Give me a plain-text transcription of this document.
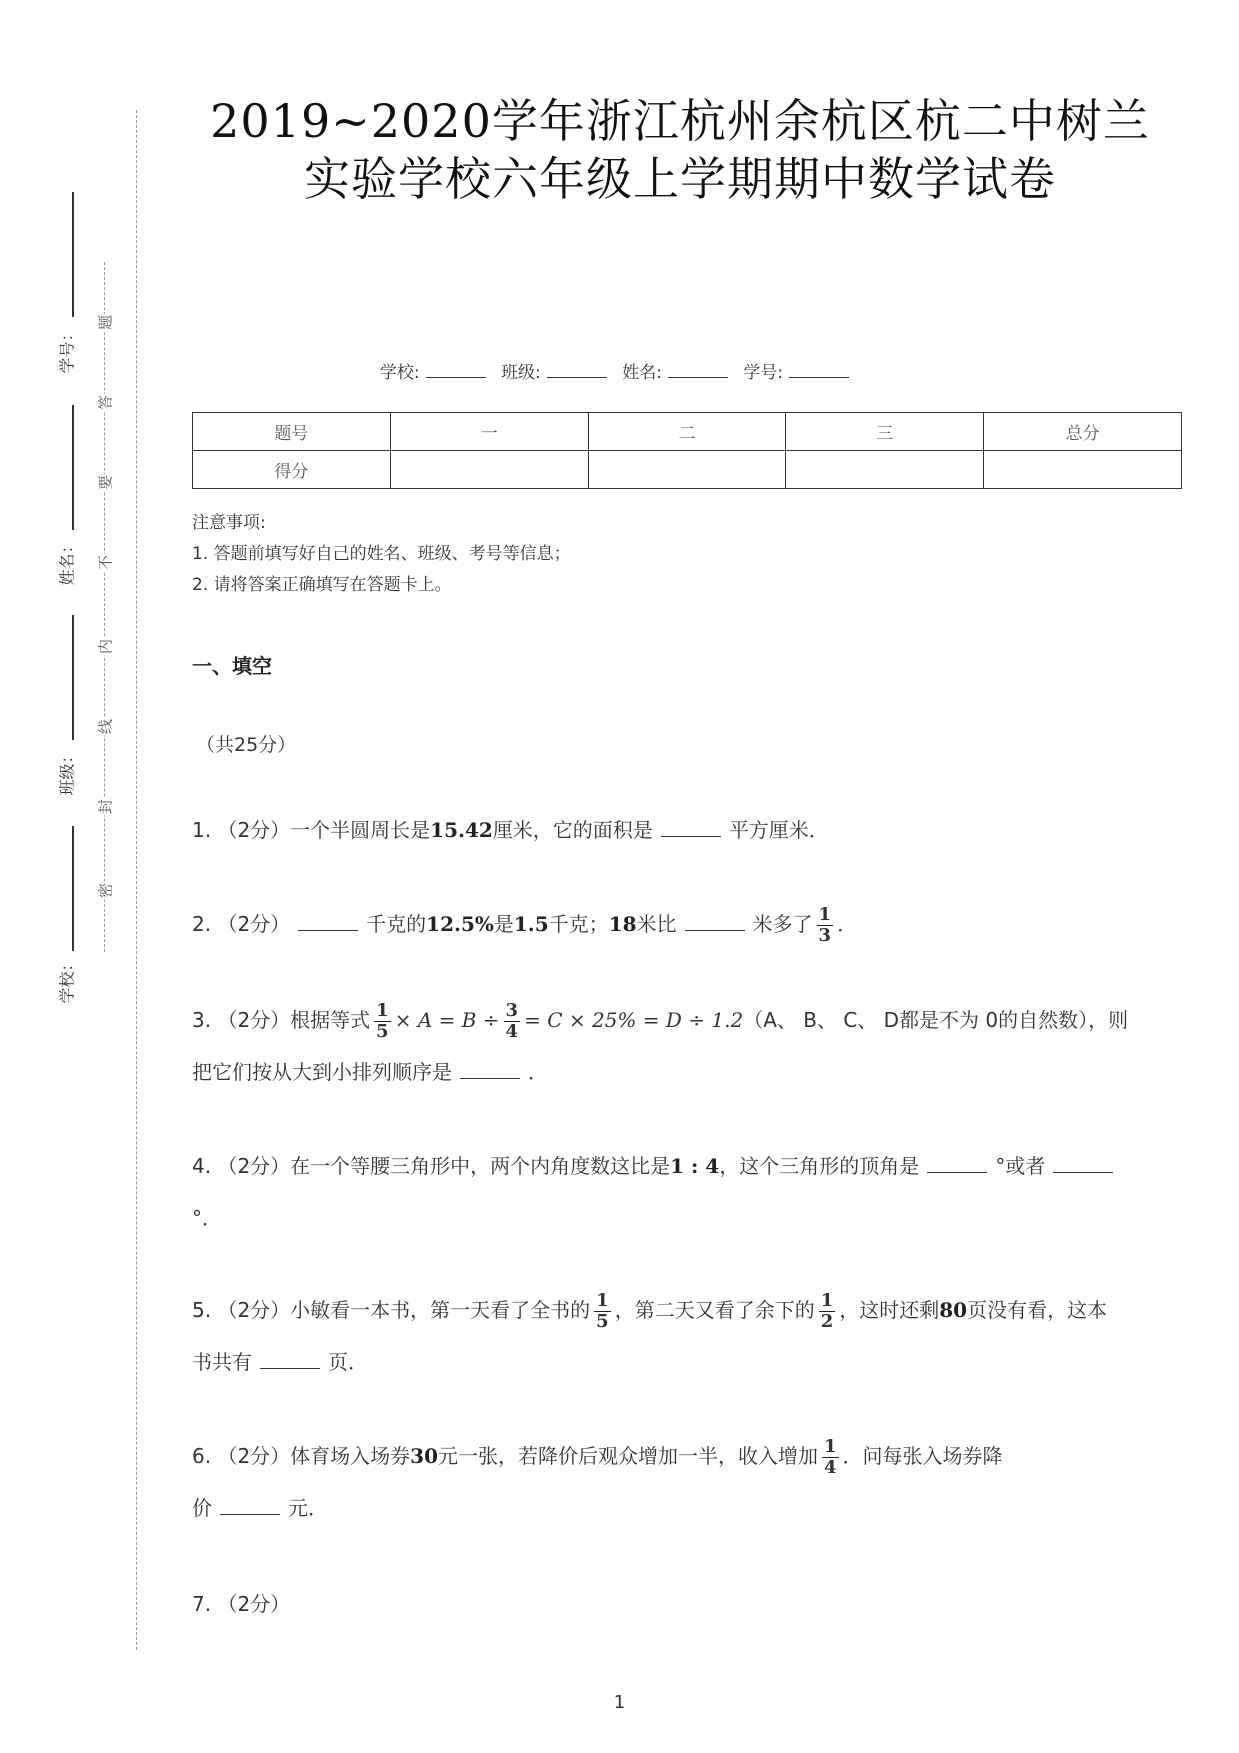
题
答
要
不
内
线
封
密
学号：
姓名：
班级：
学校：
2019~2020学年浙江杭州余杭区杭二中树兰
实验学校六年级上学期期中数学试卷
学校:	班级:	姓名:	学号:
题号	一	二	三	总分
得分				
注意事项:
1. 答题前填写好自己的姓名、班级、考号等信息；
2. 请将答案正确填写在答题卡上。
一、填空
（共25分）
1. （2分）一个半圆周长是15.42厘米，它的面积是	平方厘米．
2. （2分）	千克的12.5%是1.5千克；18米比	米多了 $\frac{1}{3}$ ．
3. （2分）根据等式 $\frac{1}{5} \times A = B \div \frac{3}{4} = C \times 25\% = D \div 1.2(A$、 B、 C、 D都是不为 0的自然数），则
把它们按从大到小排列顺序是	．
4. （2分）在一个等腰三角形中，两个内角度数这比是1 : 4，这个三角形的顶角是	°或者
°．
5. （2分）小敏看一本书，第一天看了全书的 $\frac{1}{5}$ ，第二天又看了余下的 $\frac{1}{2}$ ，这时还剩80页没有看，这本
书共有	页．
6. （2分）体育场入场券30元一张，若降价后观众增加一半，收入增加 $\frac{1}{4}$ ．问每张入场券降
价	元．
7. （2分）
1
